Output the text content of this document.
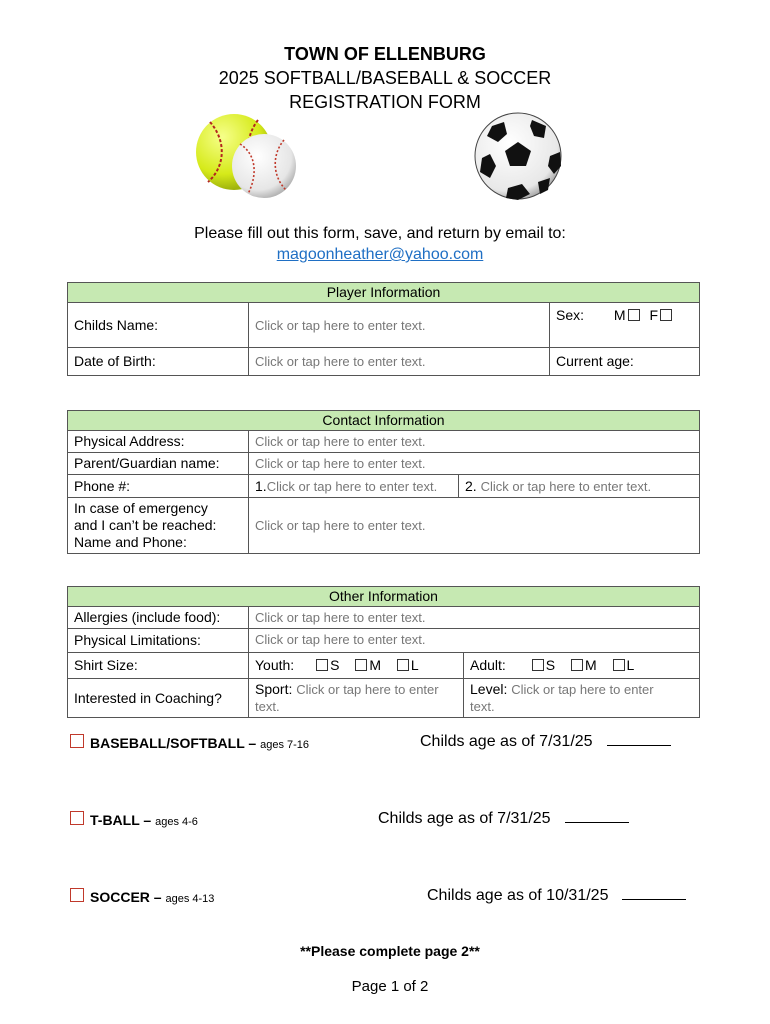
TOWN OF ELLENBURG
2025 SOFTBALL/BASEBALL & SOCCER
REGISTRATION FORM
Please fill out this form, save, and return by email to:
magoonheather@yahoo.com
Player Information		
Childs Name:	Click or tap here to enter text.	Sex: M F
Date of Birth:	Click or tap here to enter text.	Current age:
Contact Information		
Physical Address:	Click or tap here to enter text.	
Parent/Guardian name:	Click or tap here to enter text.	
Phone #:	1.Click or tap here to enter text.	2. Click or tap here to enter text.

In case of emergency
and I can’t be reached:
Name and Phone:	Click or tap here to enter text.	
Other Information		
Allergies (include food):	Click or tap here to enter text.	
Physical Limitations:	Click or tap here to enter text.	
Shirt Size:	Youth: S M L	Adult: S M L
Interested in Coaching?	Sport: Click or tap here to enter
text.	Level: Click or tap here to enter
text.
BASEBALL/SOFTBALL – ages 7-16	Childs age as of 7/31/25
T-BALL – ages 4-6	Childs age as of 7/31/25
SOCCER – ages 4-13	Childs age as of 10/31/25
**Please complete page 2**
Page 1 of 2
